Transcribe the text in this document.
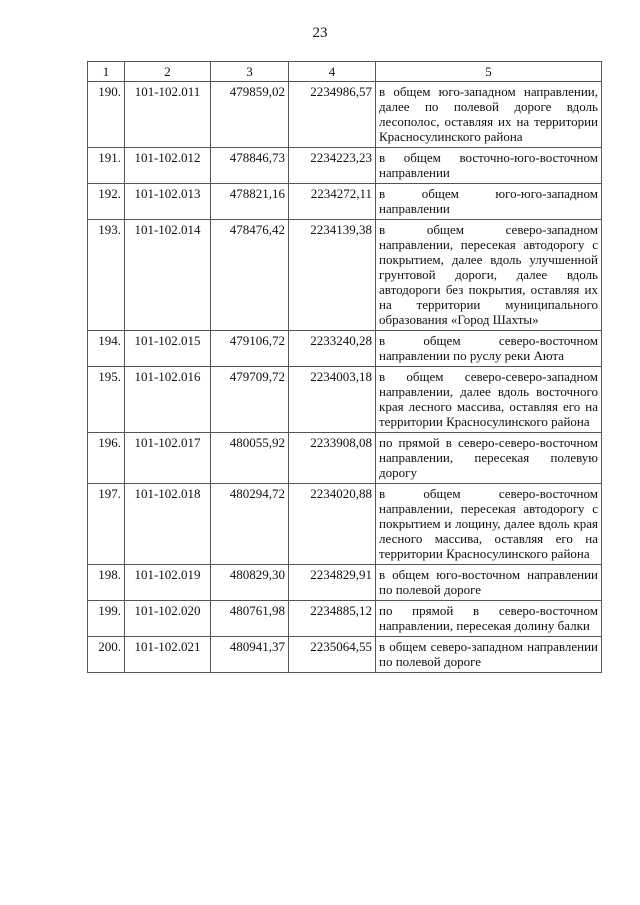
23
1	2	3	4	5
190.	101-102.011	479859,02	2234986,57	в общем юго-западном направлении, далее по полевой дороге вдоль лесополос, оставляя их на территории Красносулинского района
191.	101-102.012	478846,73	2234223,23	в общем восточно-юго-восточном направлении
192.	101-102.013	478821,16	2234272,11	в общем юго-юго-западном направлении
193.	101-102.014	478476,42	2234139,38	в общем северо-западном направлении, пересекая автодорогу с покрытием, далее вдоль улучшенной грунтовой дороги, далее вдоль автодороги без покрытия, оставляя их на территории муниципального образования «Город Шахты»
194.	101-102.015	479106,72	2233240,28	в общем северо-восточном направлении по руслу реки Аюта
195.	101-102.016	479709,72	2234003,18	в общем северо-северо-западном направлении, далее вдоль восточного края лесного массива, оставляя его на территории Красносулинского района
196.	101-102.017	480055,92	2233908,08	по прямой в северо-северо-восточном направлении, пересекая полевую дорогу
197.	101-102.018	480294,72	2234020,88	в общем северо-восточном направлении, пересекая автодорогу с покрытием и лощину, далее вдоль края лесного массива, оставляя его на территории Красносулинского района
198.	101-102.019	480829,30	2234829,91	в общем юго-восточном направлении по полевой дороге
199.	101-102.020	480761,98	2234885,12	по прямой в северо-восточном направлении, пересекая долину балки
200.	101-102.021	480941,37	2235064,55	в общем северо-западном направлении по полевой дороге
